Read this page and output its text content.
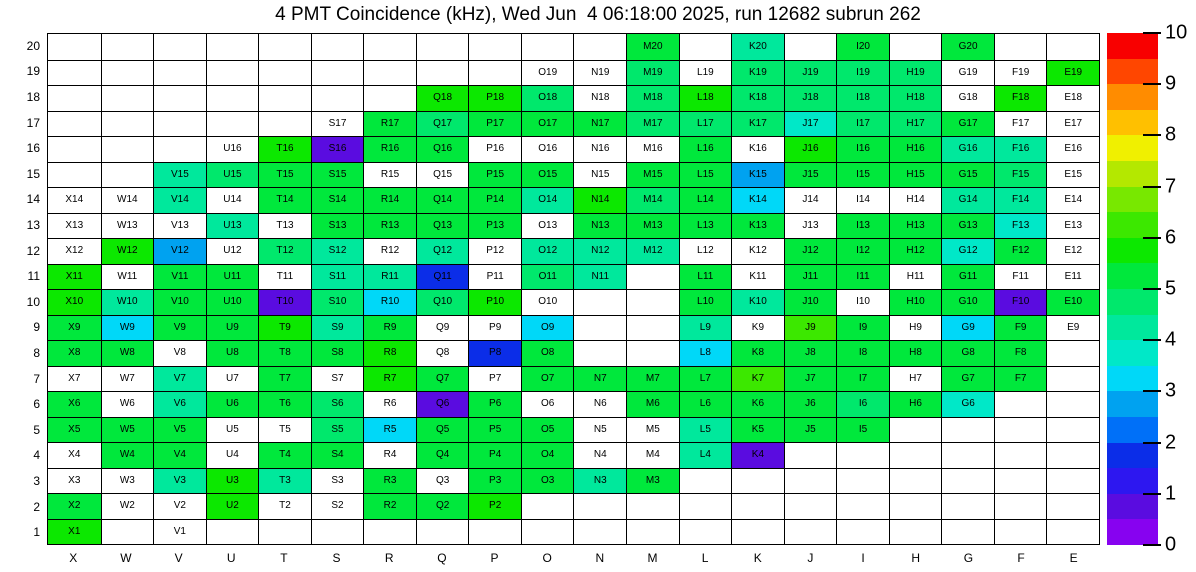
4 PMT Coincidence (kHz), Wed Jun  4 06:18:00 2025, run 12682 subrun 262
M20	K20	I20	G20
O19	N19	M19	L19	K19	J19	I19	H19	G19	F19	E19
Q18	P18	O18	N18	M18	L18	K18	J18	I18	H18	G18	F18	E18
S17	R17	Q17	P17	O17	N17	M17	L17	K17	J17	I17	H17	G17	F17	E17
U16	T16	S16	R16	Q16	P16	O16	N16	M16	L16	K16	J16	I16	H16	G16	F16	E16
V15	U15	T15	S15	R15	Q15	P15	O15	N15	M15	L15	K15	J15	I15	H15	G15	F15	E15
X14	W14	V14	U14	T14	S14	R14	Q14	P14	O14	N14	M14	L14	K14	J14	I14	H14	G14	F14	E14
X13	W13	V13	U13	T13	S13	R13	Q13	P13	O13	N13	M13	L13	K13	J13	I13	H13	G13	F13	E13
X12	W12	V12	U12	T12	S12	R12	Q12	P12	O12	N12	M12	L12	K12	J12	I12	H12	G12	F12	E12
X11	W11	V11	U11	T11	S11	R11	Q11	P11	O11	N11	L11	K11	J11	I11	H11	G11	F11	E11
X10	W10	V10	U10	T10	S10	R10	Q10	P10	O10	L10	K10	J10	I10	H10	G10	F10	E10
X9	W9	V9	U9	T9	S9	R9	Q9	P9	O9	L9	K9	J9	I9	H9	G9	F9	E9
X8	W8	V8	U8	T8	S8	R8	Q8	P8	O8	L8	K8	J8	I8	H8	G8	F8
X7	W7	V7	U7	T7	S7	R7	Q7	P7	O7	N7	M7	L7	K7	J7	I7	H7	G7	F7
X6	W6	V6	U6	T6	S6	R6	Q6	P6	O6	N6	M6	L6	K6	J6	I6	H6	G6
X5	W5	V5	U5	T5	S5	R5	Q5	P5	O5	N5	M5	L5	K5	J5	I5
X4	W4	V4	U4	T4	S4	R4	Q4	P4	O4	N4	M4	L4	K4
X3	W3	V3	U3	T3	S3	R3	Q3	P3	O3	N3	M3
X2	W2	V2	U2	T2	S2	R2	Q2	P2
X1	V1
20
19
18
17
16
15
14
13
12
11
10
9
8
7
6
5
4
3
2
1
X	W	V	U	T	S	R	Q	P	O	N	M	L	K	J	I	H	G	F	E
0
1
2
3
4
5
6
7
8
9
10
